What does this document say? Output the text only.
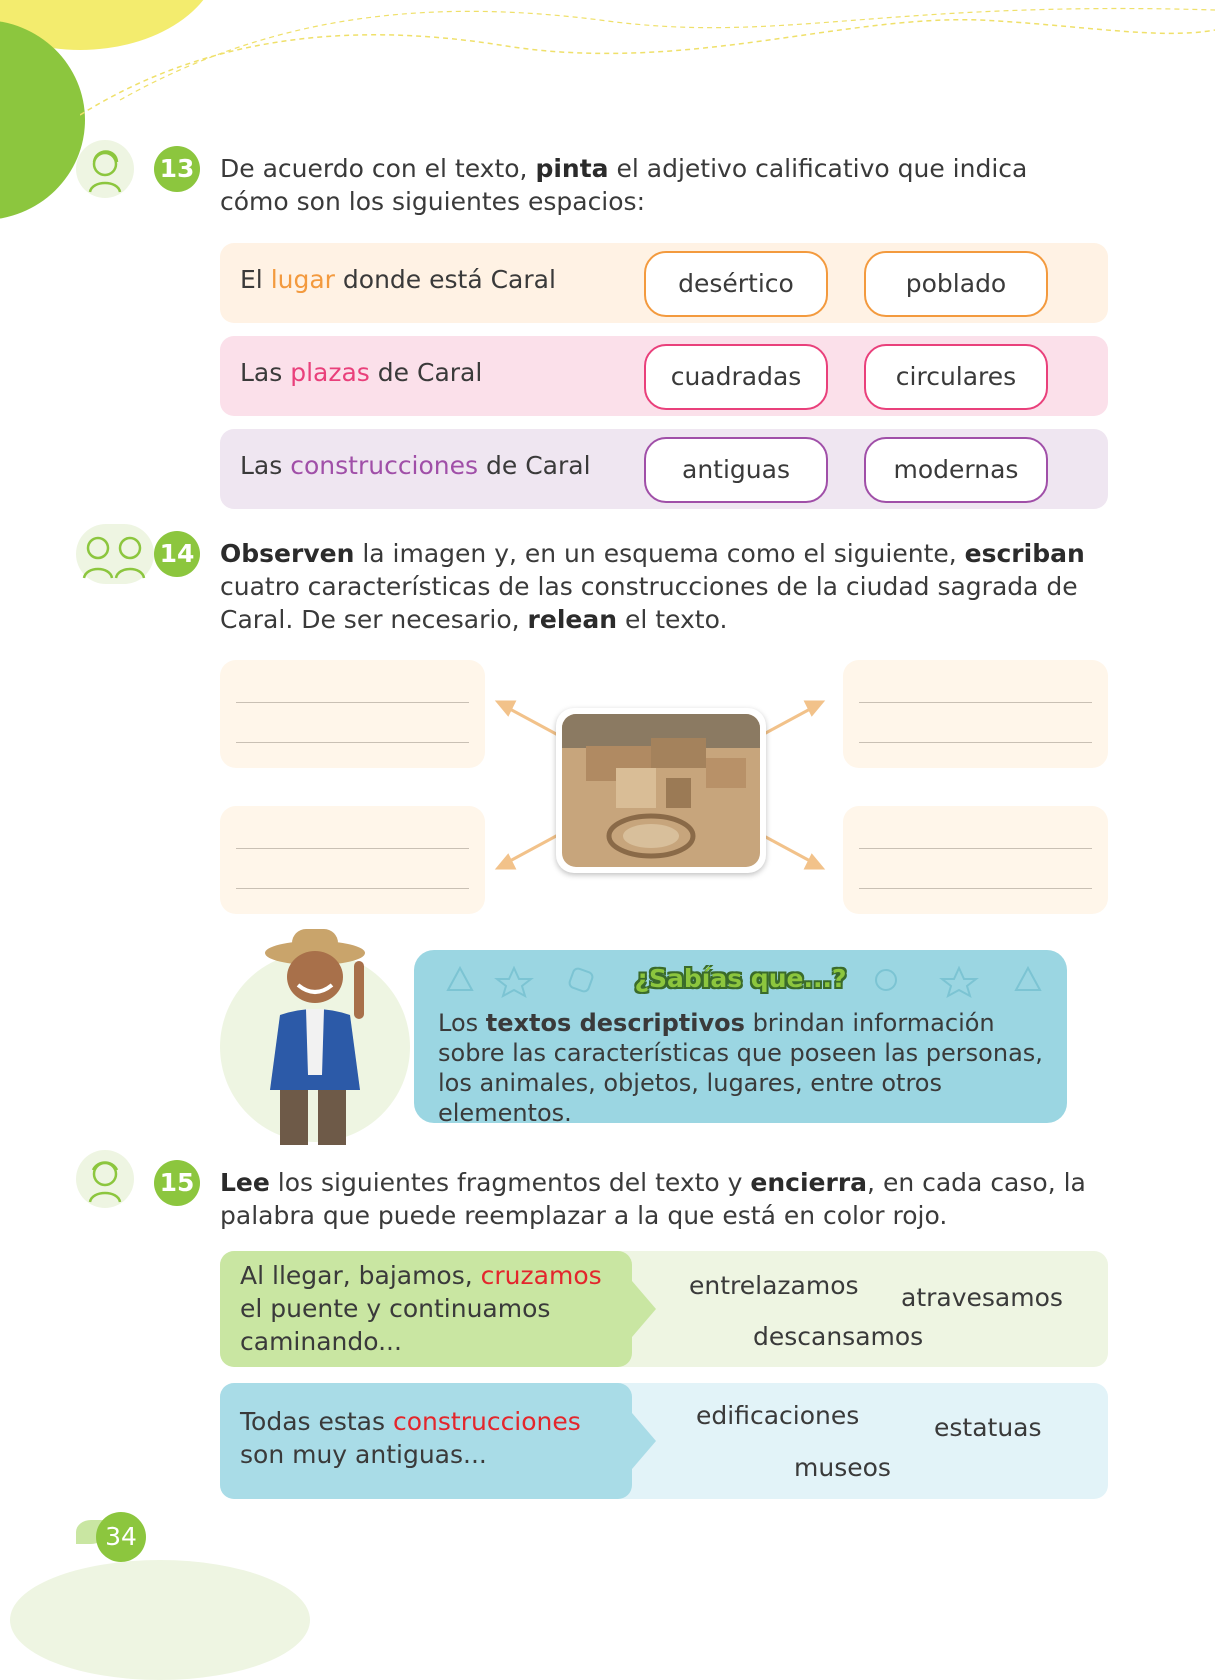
13 De acuerdo con el texto, pinta el adjetivo calificativo que indica cómo son los siguientes espacios:
El lugar donde está Caral	desértico	poblado
Las plazas de Caral	cuadradas	circulares
Las construcciones de Caral	antiguas	modernas
14 Observen la imagen y, en un esquema como el siguiente, escriban cuatro características de las construcciones de la ciudad sagrada de Caral. De ser necesario, relean el texto.
¿Sabías que...?
Los textos descriptivos brindan información sobre las características que poseen las personas, los animales, objetos, lugares, entre otros elementos.
15 Lee los siguientes fragmentos del texto y encierra, en cada caso, la palabra que puede reemplazar a la que está en color rojo.
Al llegar, bajamos, cruzamos el puente y continuamos caminando...
entrelazamos atravesamos
descansamos
Todas estas construcciones son muy antiguas...
edificaciones	estatuas
museos
34
